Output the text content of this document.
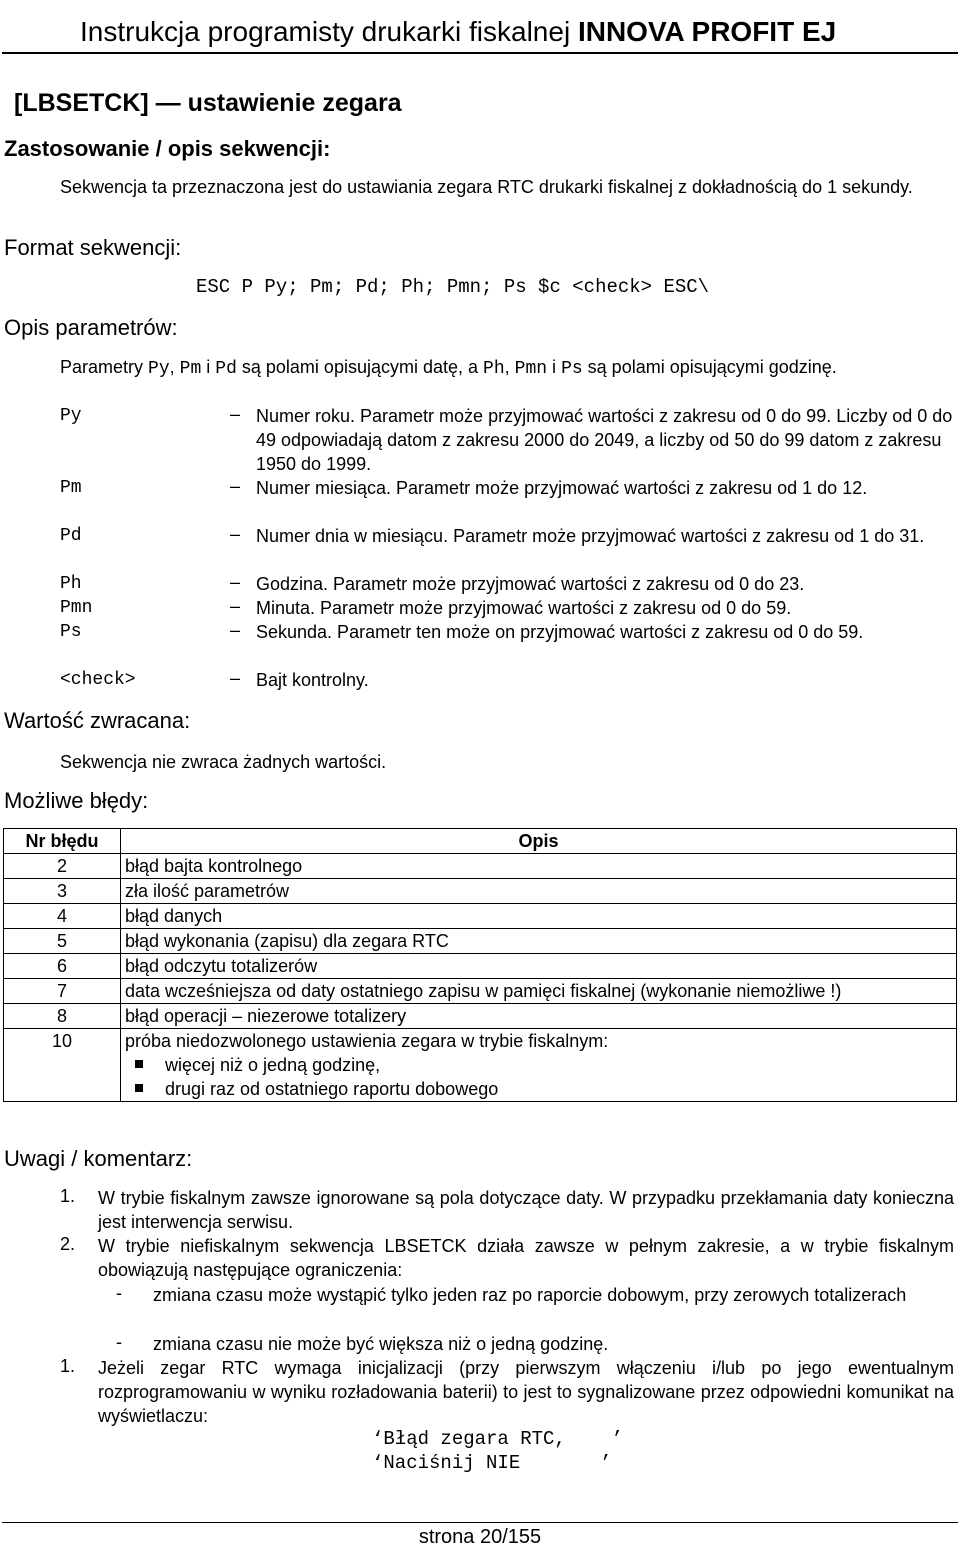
Instrukcja programisty drukarki fiskalnej INNOVA PROFIT EJ
[LBSETCK] — ustawienie zegara
Zastosowanie / opis sekwencji:
Sekwencja ta przeznaczona jest do ustawiania zegara RTC drukarki fiskalnej z dokładnością do 1 sekundy.
Format sekwencji:
ESC P Py; Pm; Pd; Ph; Pmn; Ps $c <check> ESC\
Opis parametrów:
Parametry Py, Pm i Pd są polami opisującymi datę, a Ph, Pmn i Ps są polami opisującymi godzinę.
Py	– Numer roku. Parametr może przyjmować wartości z zakresu od 0 do 99. Liczby od 0 do 49 odpowiadają datom z zakresu 2000 do 2049, a liczby od 50 do 99 datom z zakresu 1950 do 1999.
Pm	– Numer miesiąca. Parametr może przyjmować wartości z zakresu od 1 do 12.
Pd	– Numer dnia w miesiącu. Parametr może przyjmować wartości z zakresu od 1 do 31.
Ph	– Godzina. Parametr może przyjmować wartości z zakresu od 0 do 23.
Pmn	– Minuta. Parametr może przyjmować wartości z zakresu od 0 do 59.
Ps	– Sekunda. Parametr ten może on przyjmować wartości z zakresu od 0 do 59.
<check>	– Bajt kontrolny.
Wartość zwracana:
Sekwencja nie zwraca żadnych wartości.
Możliwe błędy:
Nr błędu	Opis
2	błąd bajta kontrolnego
3	zła ilość parametrów
4	błąd danych
5	błąd wykonania (zapisu) dla zegara RTC
6	błąd odczytu totalizerów
7	data wcześniejsza od daty ostatniego zapisu w pamięci fiskalnej (wykonanie niemożliwe !)
8	błąd operacji – niezerowe totalizery
10	próba niedozwolonego ustawienia zegara w trybie fiskalnym:
więcej niż o jedną godzinę,
drugi raz od ostatniego raportu dobowego
Uwagi / komentarz:
1. W trybie fiskalnym zawsze ignorowane są pola dotyczące daty. W przypadku przekłamania daty konieczna jest interwencja serwisu.
2. W trybie niefiskalnym sekwencja LBSETCK działa zawsze w pełnym zakresie, a w trybie fiskalnym obowiązują następujące ograniczenia:
- zmiana czasu może wystąpić tylko jeden raz po raporcie dobowym, przy zerowych totalizerach
- zmiana czasu nie może być większa niż o jedną godzinę.
1. Jeżeli zegar RTC wymaga inicjalizacji (przy pierwszym włączeniu i/lub po jego ewentualnym rozprogramowaniu w wyniku rozładowania baterii) to jest to sygnalizowane przez odpowiedni komunikat na wyświetlaczu:
‘Błąd zegara RTC,    ’
‘Naciśnij NIE       ’
strona 20/155
